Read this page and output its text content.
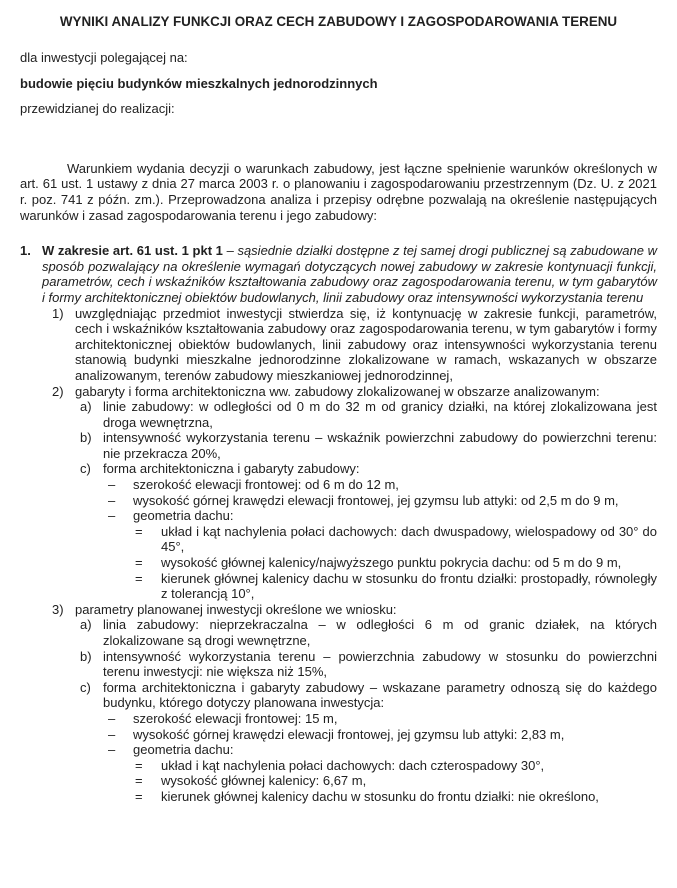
WYNIKI ANALIZY FUNKCJI ORAZ CECH ZABUDOWY I ZAGOSPODAROWANIA TERENU
dla inwestycji polegającej na:
budowie pięciu budynków mieszkalnych jednorodzinnych
przewidzianej do realizacji:
Warunkiem wydania decyzji o warunkach zabudowy, jest łączne spełnienie warunków określonych w art. 61 ust. 1 ustawy z dnia 27 marca 2003 r. o planowaniu i zagospodarowaniu przestrzennym (Dz. U. z 2021 r. poz. 741 z późn. zm.). Przeprowadzona analiza i przepisy odrębne pozwalają na określenie następujących warunków i zasad zagospodarowania terenu i jego zabudowy:
1. W zakresie art. 61 ust. 1 pkt 1 – sąsiednie działki dostępne z tej samej drogi publicznej są zabudowane w sposób pozwalający na określenie wymagań dotyczących nowej zabudowy w zakresie kontynuacji funkcji, parametrów, cech i wskaźników kształtowania zabudowy oraz zagospodarowania terenu, w tym gabarytów i formy architektonicznej obiektów budowlanych, linii zabudowy oraz intensywności wykorzystania terenu
1) uwzględniając przedmiot inwestycji stwierdza się, iż kontynuację w zakresie funkcji, parametrów, cech i wskaźników kształtowania zabudowy oraz zagospodarowania terenu, w tym gabarytów i formy architektonicznej obiektów budowlanych, linii zabudowy oraz intensywności wykorzystania terenu stanowią budynki mieszkalne jednorodzinne zlokalizowane w ramach, wskazanych w obszarze analizowanym, terenów zabudowy mieszkaniowej jednorodzinnej,
2) gabaryty i forma architektoniczna ww. zabudowy zlokalizowanej w obszarze analizowanym:
a) linie zabudowy: w odległości od 0 m do 32 m od granicy działki, na której zlokalizowana jest droga wewnętrzna,
b) intensywność wykorzystania terenu – wskaźnik powierzchni zabudowy do powierzchni terenu: nie przekracza 20%,
c) forma architektoniczna i gabaryty zabudowy:
–	szerokość elewacji frontowej: od 6 m do 12 m,
–	wysokość górnej krawędzi elewacji frontowej, jej gzymsu lub attyki: od 2,5 m do 9 m,
–	geometria dachu:
=	układ i kąt nachylenia połaci dachowych: dach dwuspadowy, wielospadowy od 30° do 45°,
=	wysokość głównej kalenicy/najwyższego punktu pokrycia dachu: od 5 m do 9 m,
=	kierunek głównej kalenicy dachu w stosunku do frontu działki: prostopadły, równoległy z tolerancją 10°,
3) parametry planowanej inwestycji określone we wniosku:
a) linia zabudowy: nieprzekraczalna – w odległości 6 m od granic działek, na których zlokalizowane są drogi wewnętrzne,
b) intensywność wykorzystania terenu – powierzchnia zabudowy w stosunku do powierzchni terenu inwestycji: nie większa niż 15%,
c) forma architektoniczna i gabaryty zabudowy – wskazane parametry odnoszą się do każdego budynku, którego dotyczy planowana inwestycja:
–	szerokość elewacji frontowej: 15 m,
–	wysokość górnej krawędzi elewacji frontowej, jej gzymsu lub attyki: 2,83 m,
–	geometria dachu:
=	układ i kąt nachylenia połaci dachowych: dach czterospadowy 30°,
=	wysokość głównej kalenicy: 6,67 m,
=	kierunek głównej kalenicy dachu w stosunku do frontu działki: nie określono,
